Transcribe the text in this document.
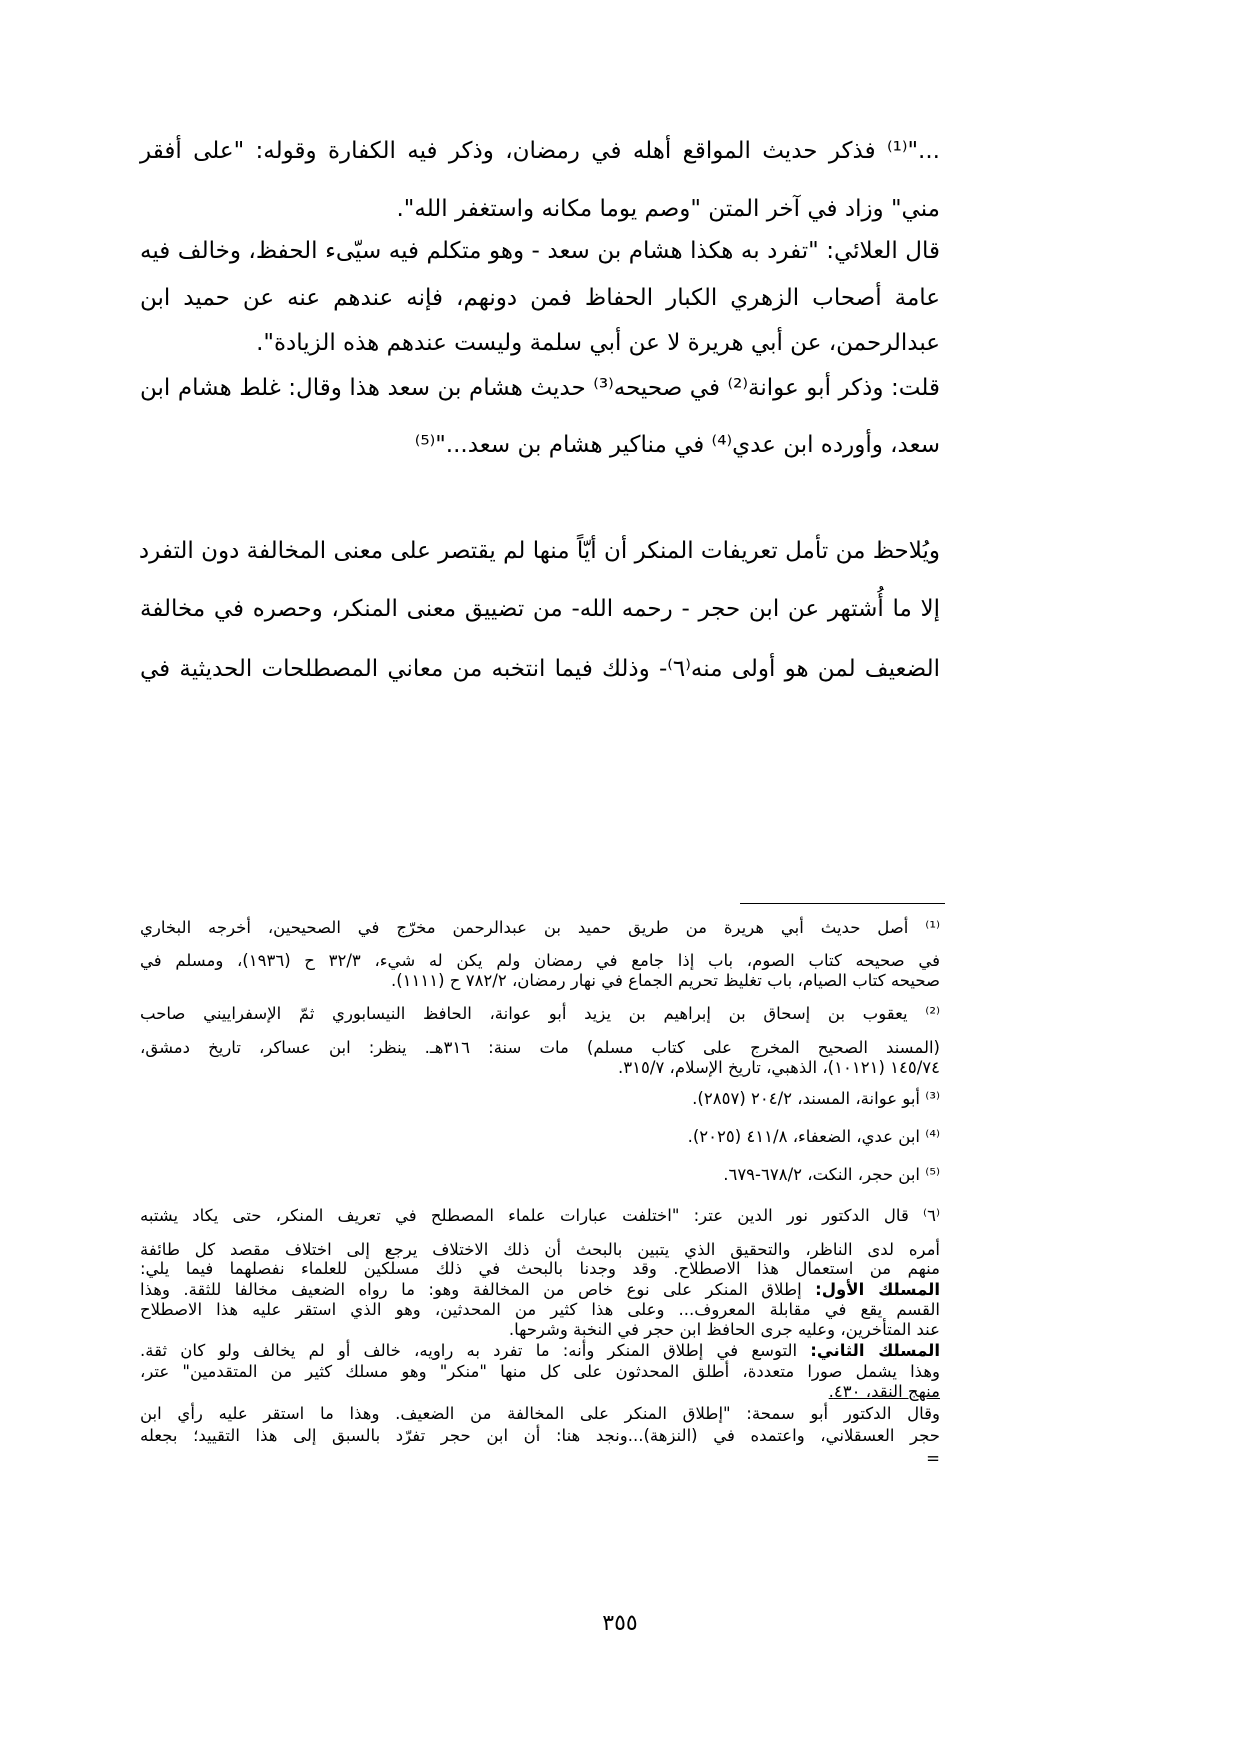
..."⁽¹⁾ فذكر حديث المواقع أهله في رمضان، وذكر فيه الكفارة وقوله: "على أفقر
مني" وزاد في آخر المتن "وصم يوما مكانه واستغفر الله".
قال العلائي: "تفرد به هكذا هشام بن سعد - وهو متكلم فيه سيّىء الحفظ، وخالف فيه
عامة أصحاب الزهري الكبار الحفاظ فمن دونهم، فإنه عندهم عنه عن حميد ابن
عبدالرحمن، عن أبي هريرة لا عن أبي سلمة وليست عندهم هذه الزيادة".
قلت: وذكر أبو عوانة⁽²⁾ في صحيحه⁽³⁾ حديث هشام بن سعد هذا وقال: غلط هشام ابن
سعد، وأورده ابن عدي⁽⁴⁾ في مناكير هشام بن سعد..."⁽⁵⁾
ويُلاحظ من تأمل تعريفات المنكر أن أيّاً منها لم يقتصر على معنى المخالفة دون التفرد
إلا ما أُشتهر عن ابن حجر - رحمه الله- من تضييق معنى المنكر، وحصره في مخالفة
الضعيف لمن هو أولى منه⁽٦⁾- وذلك فيما انتخبه من معاني المصطلحات الحديثية في
⁽¹⁾ أصل حديث أبي هريرة من طريق حميد بن عبدالرحمن مخرّج في الصحيحين، أخرجه البخاري
في صحيحه كتاب الصوم، باب إذا جامع في رمضان ولم يكن له شيء، ٣٢/٣ ح (١٩٣٦)، ومسلم في
صحيحه كتاب الصيام، باب تغليظ تحريم الجماع في نهار رمضان، ٧٨٢/٢ ح (١١١١).
⁽²⁾ يعقوب بن إسحاق بن إبراهيم بن يزيد أبو عوانة، الحافظ النيسابوري ثمّ الإسفراييني صاحب
(المسند الصحيح المخرج على كتاب مسلم) مات سنة: ٣١٦هـ. ينظر: ابن عساكر، تاريخ دمشق،
١٤٥/٧٤ (١٠١٢١)، الذهبي، تاريخ الإسلام، ٣١٥/٧.
⁽³⁾ أبو عوانة، المسند، ٢٠٤/٢ (٢٨٥٧).
⁽⁴⁾ ابن عدي، الضعفاء، ٤١١/٨ (٢٠٢٥).
⁽⁵⁾ ابن حجر، النكت، ٦٧٨/٢-٦٧٩.
⁽٦⁾ قال الدكتور نور الدين عتر: "اختلفت عبارات علماء المصطلح في تعريف المنكر، حتى يكاد يشتبه
أمره لدى الناظر، والتحقيق الذي يتبين بالبحث أن ذلك الاختلاف يرجع إلى اختلاف مقصد كل طائفة
منهم من استعمال هذا الاصطلاح. وقد وجدنا بالبحث في ذلك مسلكين للعلماء نفصلهما فيما يلي:
المسلك الأول: إطلاق المنكر على نوع خاص من المخالفة وهو: ما رواه الضعيف مخالفا للثقة. وهذا
القسم يقع في مقابلة المعروف... وعلى هذا كثير من المحدثين، وهو الذي استقر عليه هذا الاصطلاح
عند المتأخرين، وعليه جرى الحافظ ابن حجر في النخبة وشرحها.
المسلك الثاني: التوسع في إطلاق المنكر وأنه: ما تفرد به راويه، خالف أو لم يخالف ولو كان ثقة.
وهذا يشمل صورا متعددة، أطلق المحدثون على كل منها "منكر" وهو مسلك كثير من المتقدمين" عتر،
منهج النقد، ٤٣٠.
وقال الدكتور أبو سمحة: "إطلاق المنكر على المخالفة من الضعيف. وهذا ما استقر عليه رأي ابن
حجر العسقلاني، واعتمده في (النزهة)...ونجد هنا: أن ابن حجر تفرّد بالسبق إلى هذا التقييد؛ بجعله
=
٣٥٥
